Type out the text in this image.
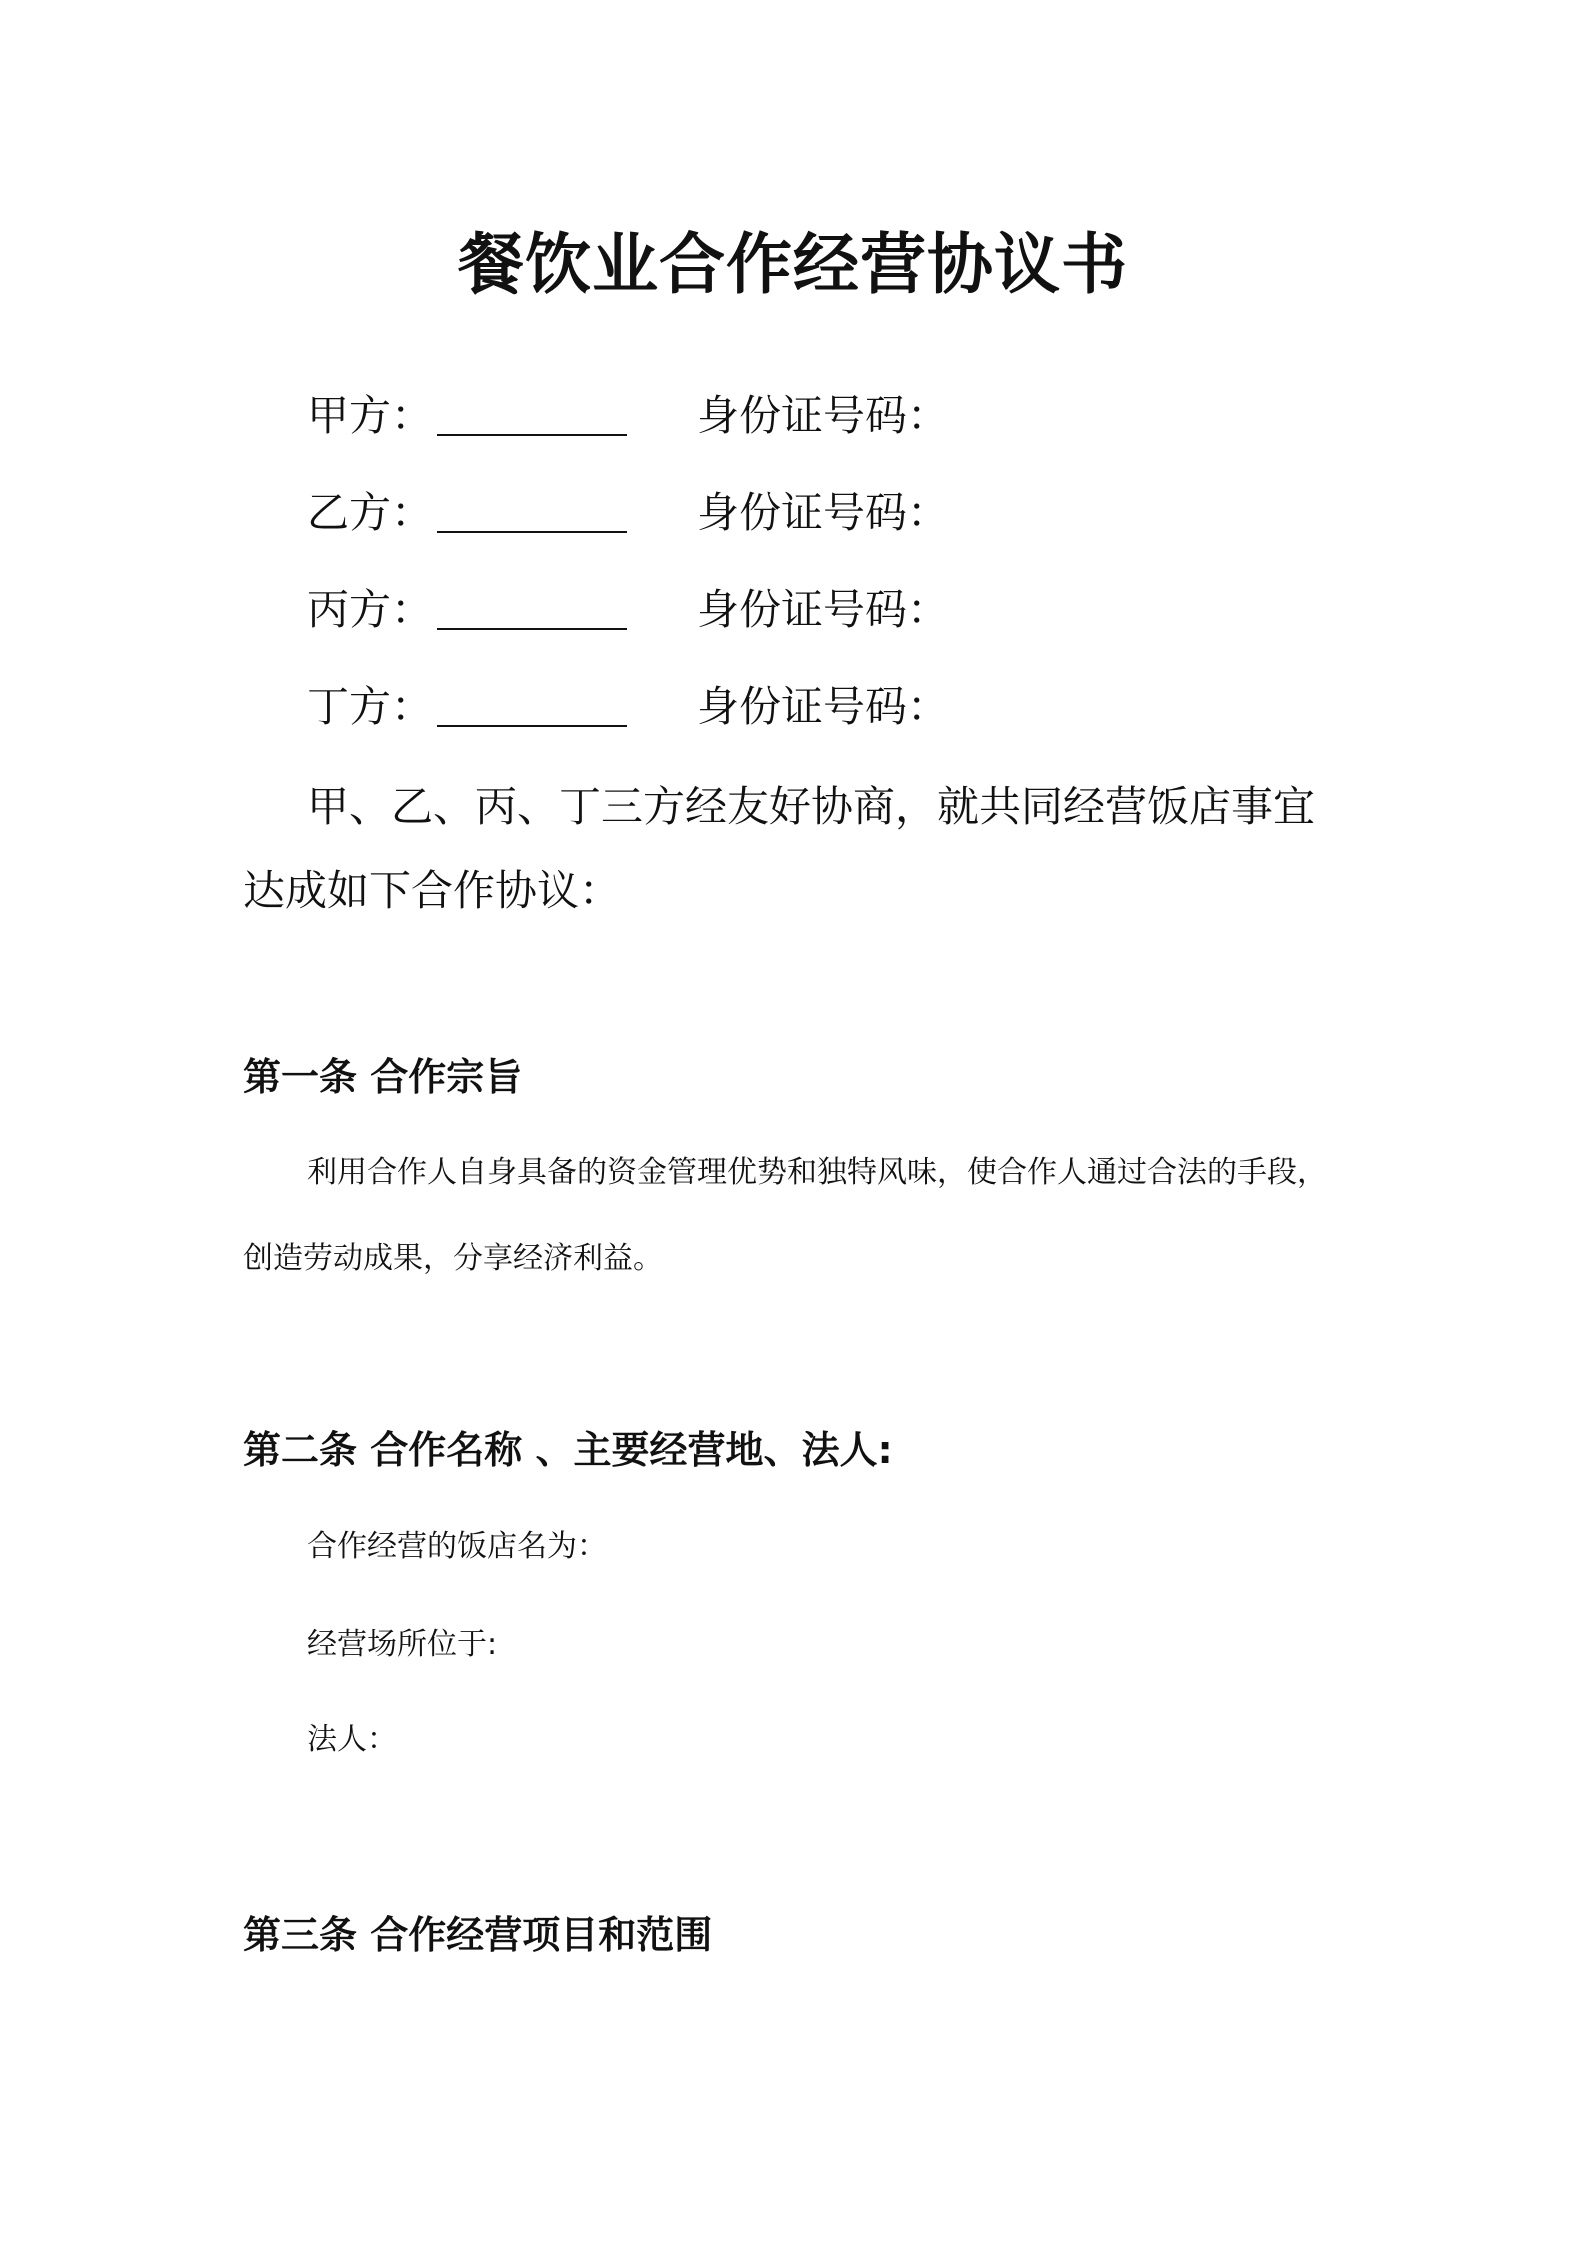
餐饮业合作经营协议书
甲方：	身份证号码：
乙方：	身份证号码：
丙方：	身份证号码：
丁方：	身份证号码：
甲、乙、丙、丁三方经友好协商，就共同经营饭店事宜达成如下合作协议：
第一条 合作宗旨
利用合作人自身具备的资金管理优势和独特风味，使合作人通过合法的手段，创造劳动成果，分享经济利益。
第二条 合作名称 、主要经营地、法人:
合作经营的饭店名为：
经营场所位于:
法人：
第三条 合作经营项目和范围
